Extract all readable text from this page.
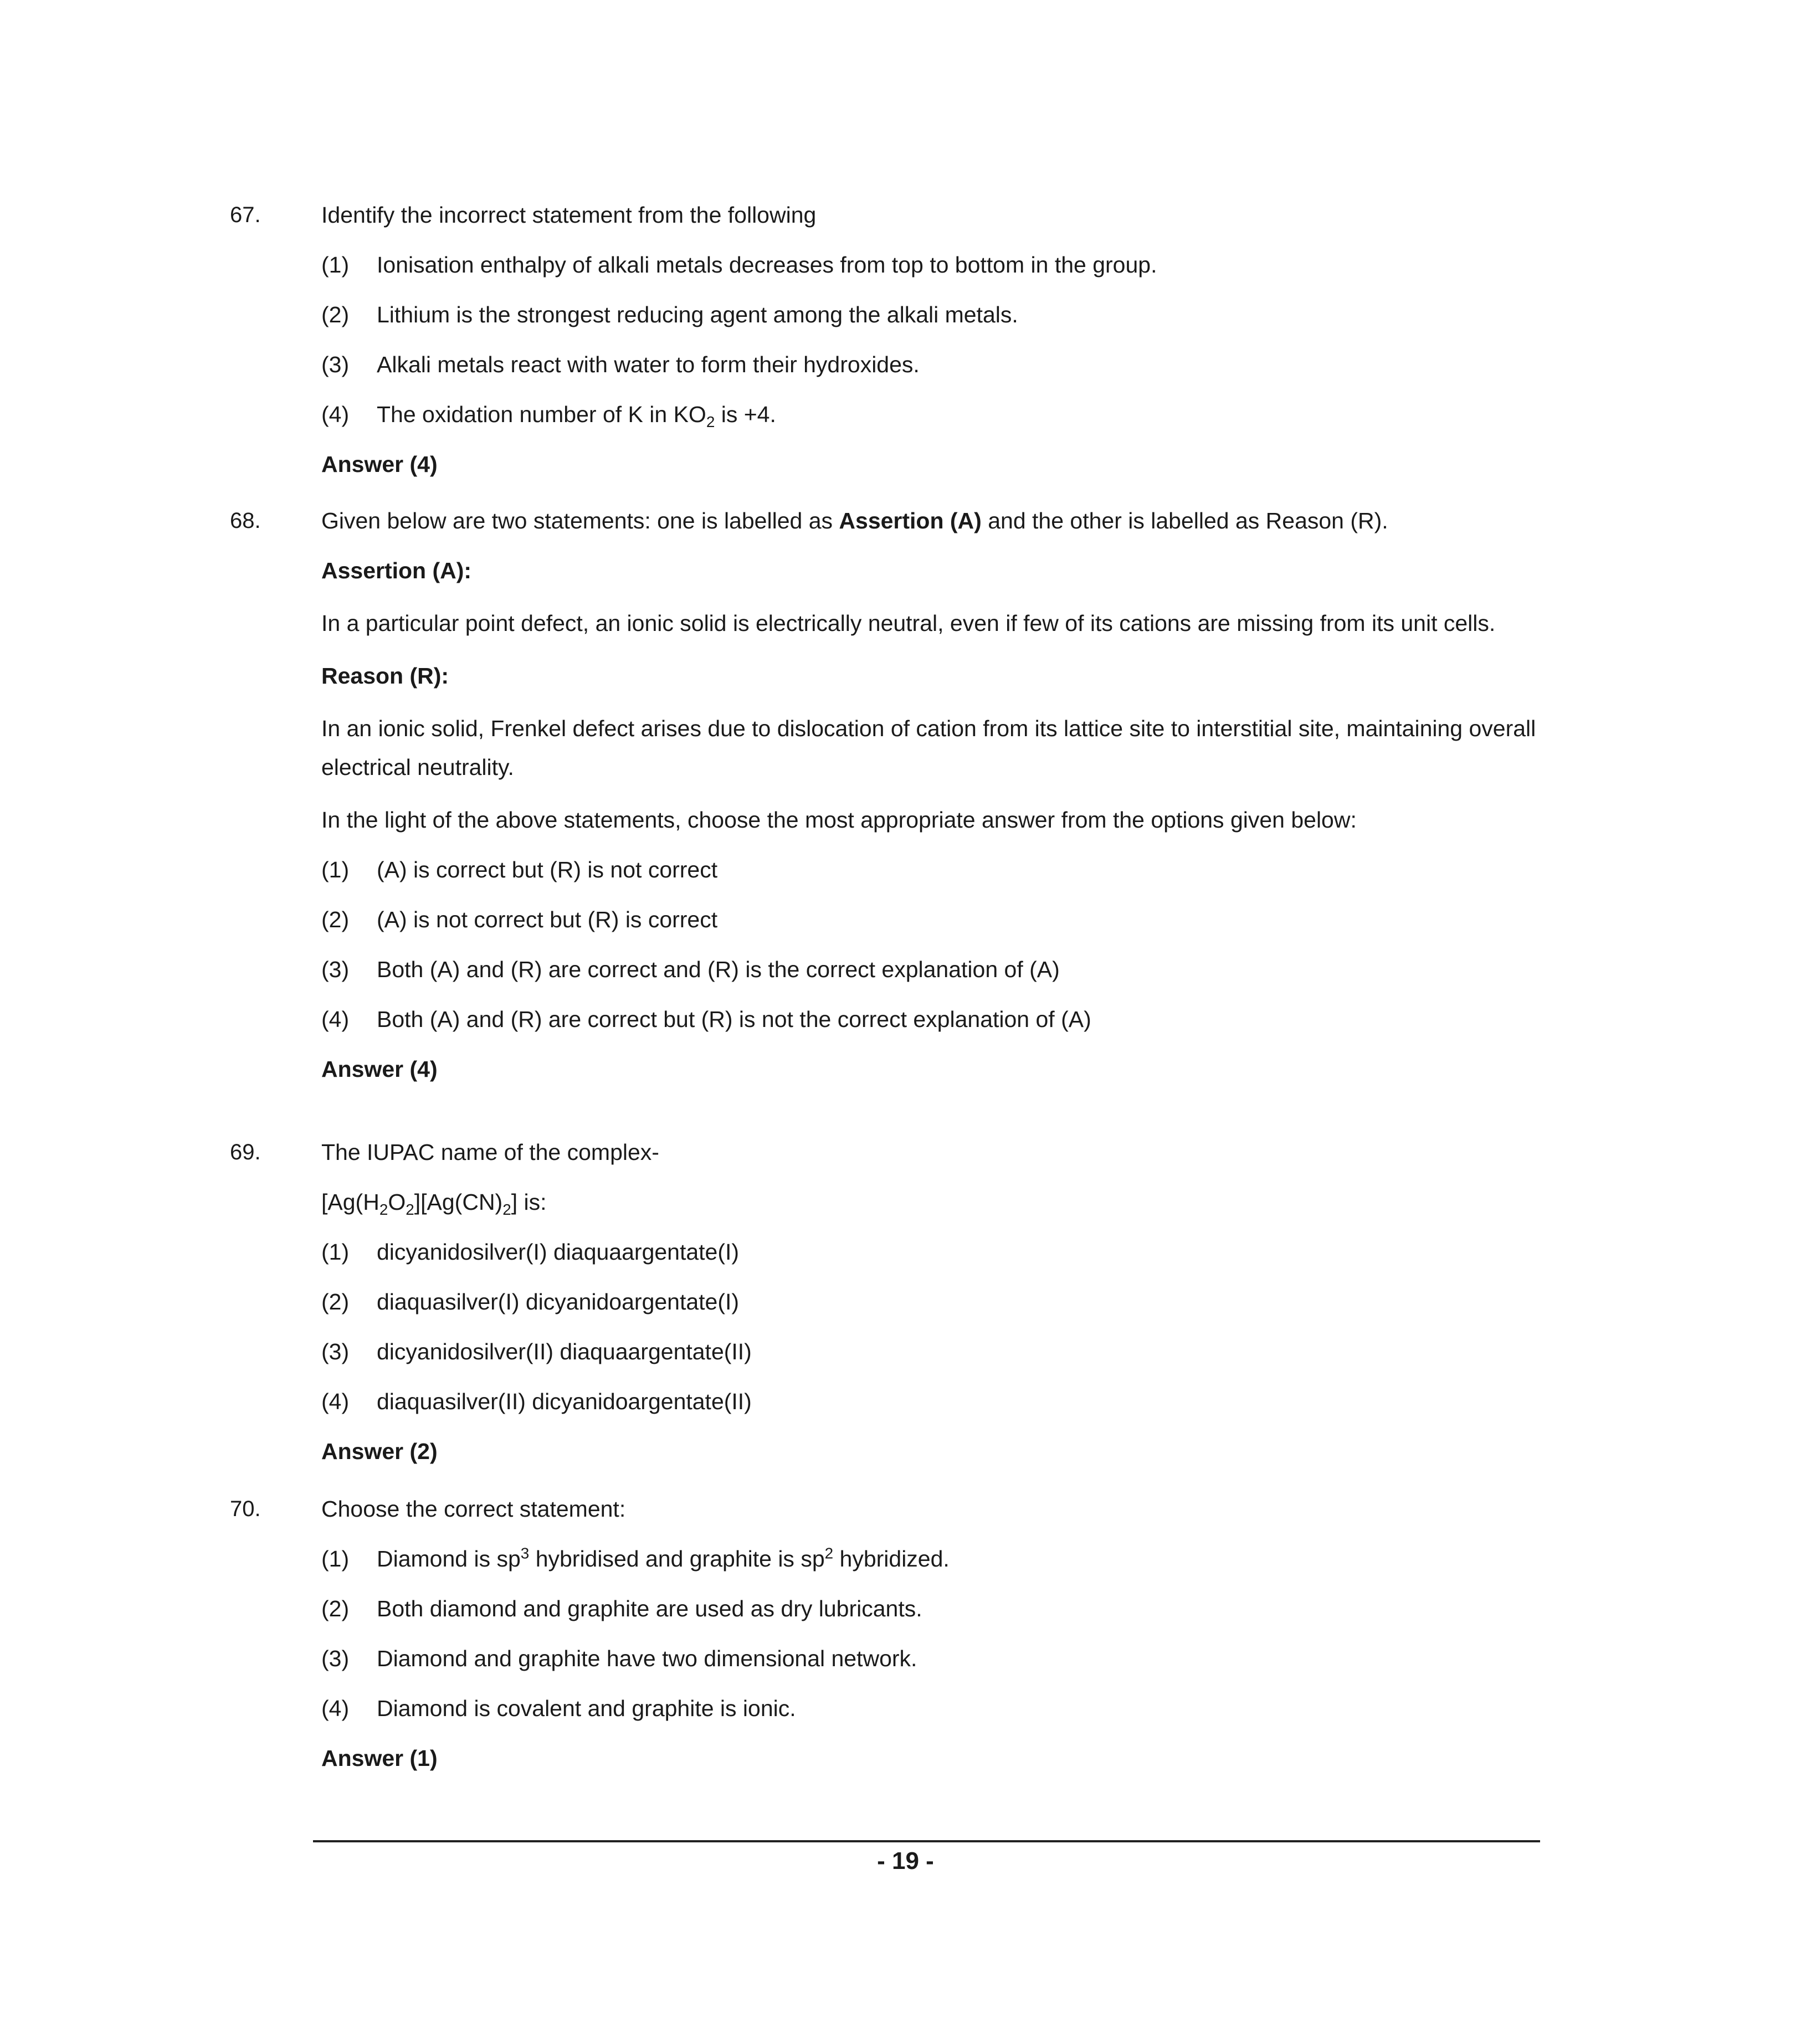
67.	Identify the incorrect statement from the following

(1) Ionisation enthalpy of alkali metals decreases from top to bottom in the group.

(2) Lithium is the strongest reducing agent among the alkali metals.

(3) Alkali metals react with water to form their hydroxides.

(4) The oxidation number of K in $KO_2$ is +4.

Answer (4)

68.	Given below are two statements: one is labelled as Assertion (A) and the other is labelled as Reason (R).

Assertion (A):

In a particular point defect, an ionic solid is electrically neutral, even if few of its cations are missing from its unit cells.

Reason (R):

In an ionic solid, Frenkel defect arises due to dislocation of cation from its lattice site to interstitial site, maintaining overall electrical neutrality.

In the light of the above statements, choose the most appropriate answer from the options given below:

(1) (A) is correct but (R) is not correct

(2) (A) is not correct but (R) is correct

(3) Both (A) and (R) are correct and (R) is the correct explanation of (A)

(4) Both (A) and (R) are correct but (R) is not the correct explanation of (A)

Answer (4)

69.	The IUPAC name of the complex-

[$Ag(H_2O_2][Ag(CN)_2]$ is:

(1) dicyanidosilver(I) diaquaargentate(I)

(2) diaquasilver(I) dicyanidoargentate(I)

(3) dicyanidosilver(II) diaquaargentate(II)

(4) diaquasilver(II) dicyanidoargentate(II)

Answer (2)

70.	Choose the correct statement:

(1) Diamond is $sp^3$ hybridised and graphite is $sp^2$ hybridized.

(2) Both diamond and graphite are used as dry lubricants.

(3) Diamond and graphite have two dimensional network.

(4) Diamond is covalent and graphite is ionic.

Answer (1)

- 19 -
